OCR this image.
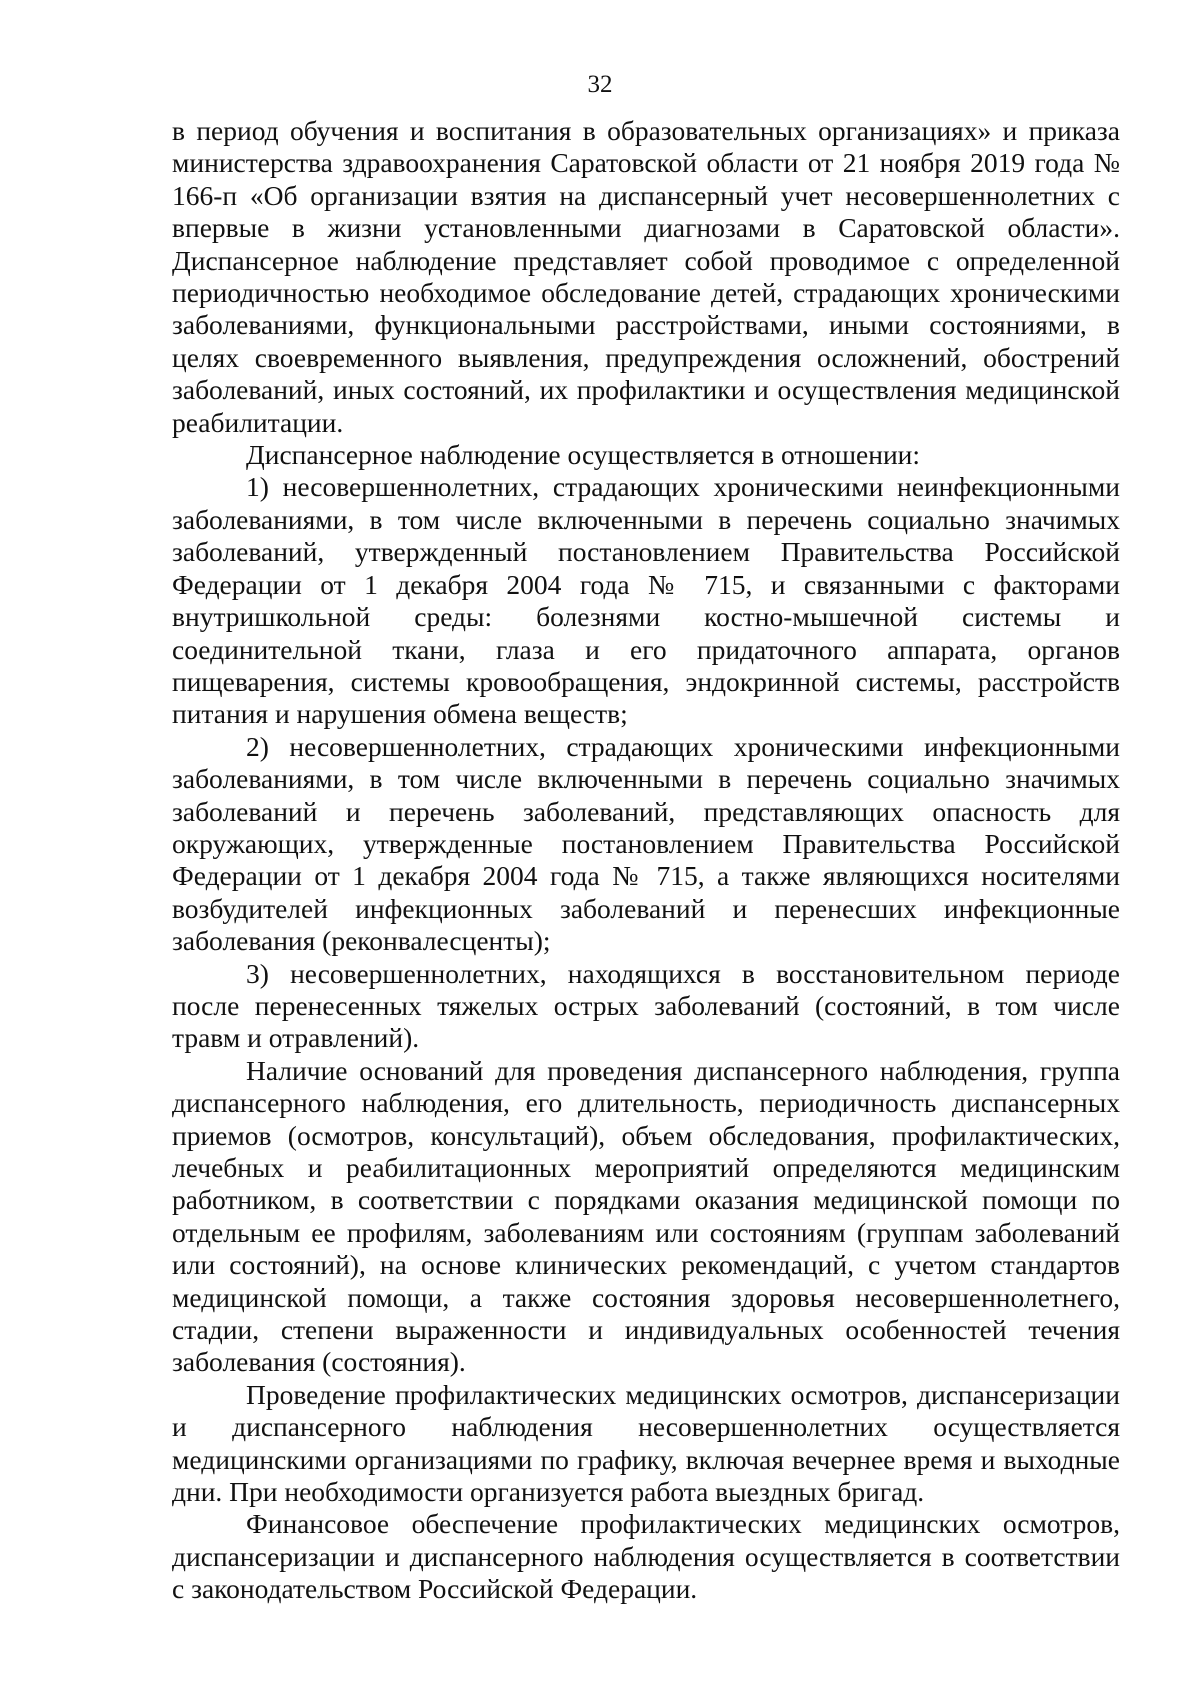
32

в период обучения и воспитания в образовательных организациях» и приказа министерства здравоохранения Саратовской области от 21 ноября 2019 года № 166-п «Об организации взятия на диспансерный учет несовершеннолетних с впервые в жизни установленными диагнозами в Саратовской области». Диспансерное наблюдение представляет собой проводимое с определенной периодичностью необходимое обследование детей, страдающих хроническими заболеваниями, функциональными расстройствами, иными состояниями, в целях своевременного выявления, предупреждения осложнений, обострений заболеваний, иных состояний, их профилактики и осуществления медицинской реабилитации.

Диспансерное наблюдение осуществляется в отношении:

1) несовершеннолетних, страдающих хроническими неинфекционными заболеваниями, в том числе включенными в перечень социально значимых заболеваний, утвержденный постановлением Правительства Российской Федерации от 1 декабря 2004 года № 715, и связанными с факторами внутришкольной среды: болезнями костно-мышечной системы и соединительной ткани, глаза и его придаточного аппарата, органов пищеварения, системы кровообращения, эндокринной системы, расстройств питания и нарушения обмена веществ;

2) несовершеннолетних, страдающих хроническими инфекционными заболеваниями, в том числе включенными в перечень социально значимых заболеваний и перечень заболеваний, представляющих опасность для окружающих, утвержденные постановлением Правительства Российской Федерации от 1 декабря 2004 года № 715, а также являющихся носителями возбудителей инфекционных заболеваний и перенесших инфекционные заболевания (реконвалесценты);

3) несовершеннолетних, находящихся в восстановительном периоде после перенесенных тяжелых острых заболеваний (состояний, в том числе травм и отравлений).

Наличие оснований для проведения диспансерного наблюдения, группа диспансерного наблюдения, его длительность, периодичность диспансерных приемов (осмотров, консультаций), объем обследования, профилактических, лечебных и реабилитационных мероприятий определяются медицинским работником, в соответствии с порядками оказания медицинской помощи по отдельным ее профилям, заболеваниям или состояниям (группам заболеваний или состояний), на основе клинических рекомендаций, с учетом стандартов медицинской помощи, а также состояния здоровья несовершеннолетнего, стадии, степени выраженности и индивидуальных особенностей течения заболевания (состояния).

Проведение профилактических медицинских осмотров, диспансеризации и диспансерного наблюдения несовершеннолетних осуществляется медицинскими организациями по графику, включая вечернее время и выходные дни. При необходимости организуется работа выездных бригад.

Финансовое обеспечение профилактических медицинских осмотров, диспансеризации и диспансерного наблюдения осуществляется в соответствии с законодательством Российской Федерации.
